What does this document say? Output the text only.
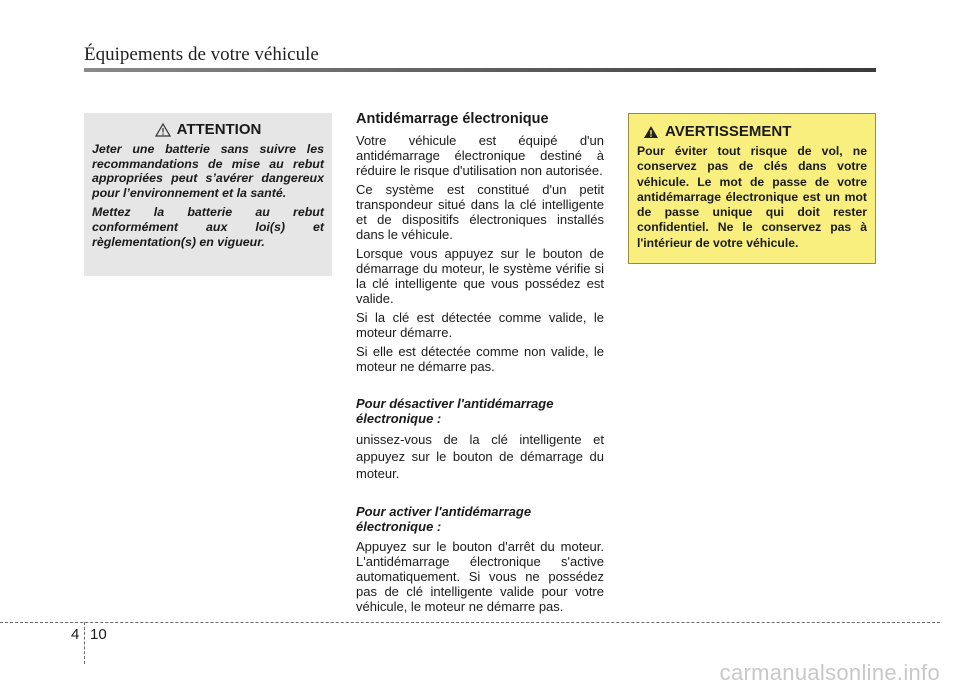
Équipements de votre véhicule
ATTENTION

Jeter une batterie sans suivre les recommandations de mise au rebut appropriées peut s’avérer dangereux pour l’environnement et la santé.

Mettez la batterie au rebut conformément aux loi(s) et règlementation(s) en vigueur.

Antidémarrage électronique

Votre véhicule est équipé d'un antidémarrage électronique destiné à réduire le risque d'utilisation non autorisée.

Ce système est constitué d'un petit transpondeur situé dans la clé intelligente et de dispositifs électroniques installés dans le véhicule.

Lorsque vous appuyez sur le bouton de démarrage du moteur, le système vérifie si la clé intelligente que vous possédez est valide.

Si la clé est détectée comme valide, le moteur démarre.

Si elle est détectée comme non valide, le moteur ne démarre pas.

Pour désactiver l'antidémarrage électronique :

unissez-vous de la clé intelligente et appuyez sur le bouton de démarrage du moteur.

Pour activer l'antidémarrage électronique :

Appuyez sur le bouton d'arrêt du moteur. L'antidémarrage électronique s'active automatiquement. Si vous ne possédez pas de clé intelligente valide pour votre véhicule, le moteur ne démarre pas.

AVERTISSEMENT

Pour éviter tout risque de vol, ne conservez pas de clés dans votre véhicule. Le mot de passe de votre antidémarrage électronique est un mot de passe unique qui doit rester confidentiel. Ne le conservez pas à l'intérieur de votre véhicule.

4 10
carmanualsonline.info
